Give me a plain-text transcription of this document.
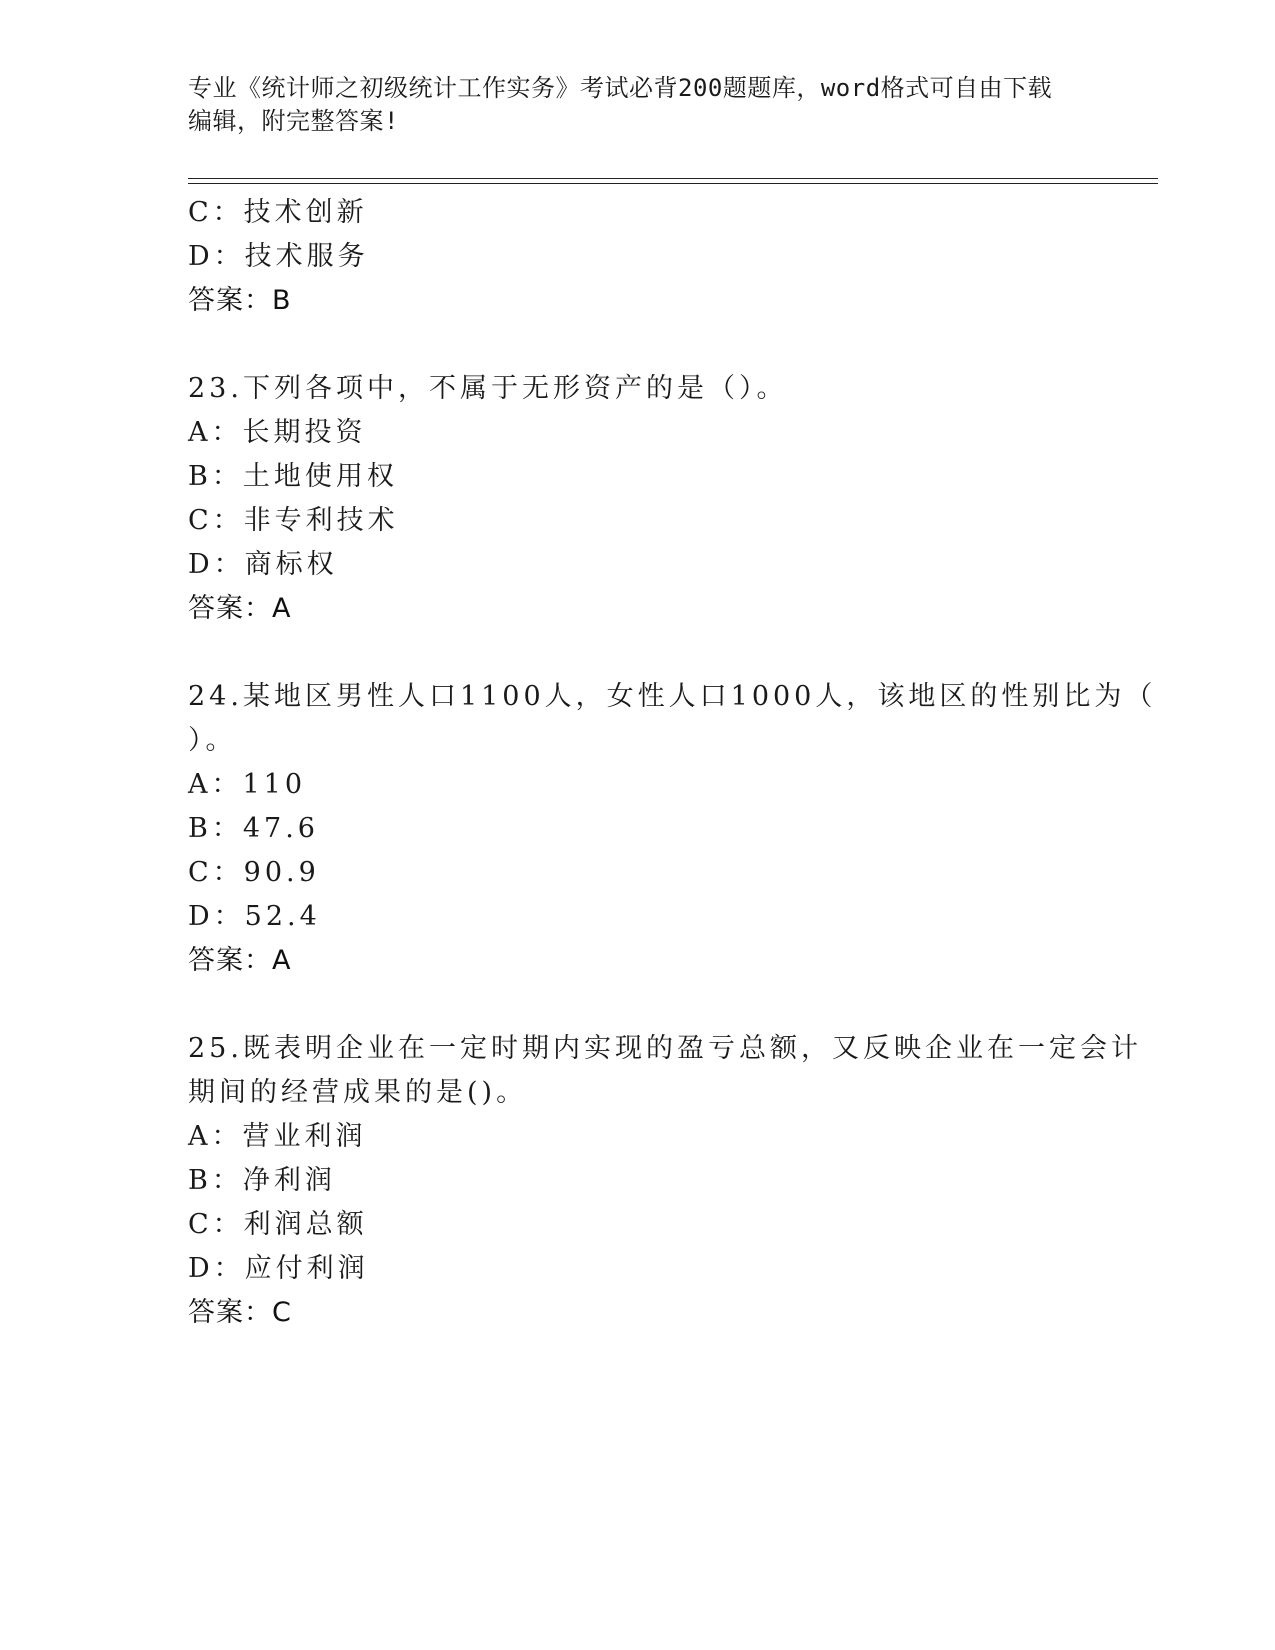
专业《统计师之初级统计工作实务》考试必背200题题库，word格式可自由下载
编辑，附完整答案!
C：技术创新
D：技术服务
答案：B
23.下列各项中，不属于无形资产的是（）。
A：长期投资
B：土地使用权
C：非专利技术
D：商标权
答案：A
24.某地区男性人口1100人，女性人口1000人，该地区的性别比为（
）。
A：110
B：47.6
C：90.9
D：52.4
答案：A
25.既表明企业在一定时期内实现的盈亏总额，又反映企业在一定会计
期间的经营成果的是()。
A：营业利润
B：净利润
C：利润总额
D：应付利润
答案：C
